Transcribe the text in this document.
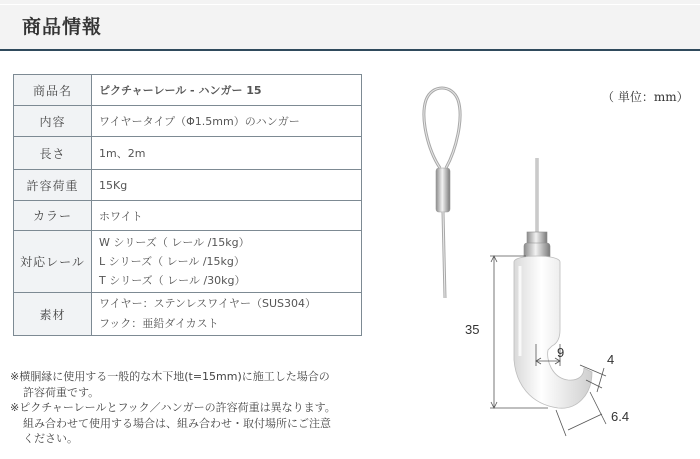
商品情報
商品名	ピクチャーレール - ハンガー 15
内容	ワイヤータイプ（Φ1.5mm）のハンガー
長さ	1m、2m
許容荷重	15Kg
カラー	ホワイト
対応レール	W シリーズ（ レール /15kg）
L シリーズ（ レール /15kg）
T シリーズ（ レール /30kg）

素材	ワイヤー：ステンレスワイヤー（SUS304）
フック：亜鉛ダイカスト
※横胴縁に使用する一般的な木下地(t=15mm)に施工した場合の
許容荷重です。
※ピクチャーレールとフック／ハンガーの許容荷重は異なります。
組み合わせて使用する場合は、組み合わせ・取付場所にご注意
ください。
（ 単位：mm）
35
9	4
6.4
